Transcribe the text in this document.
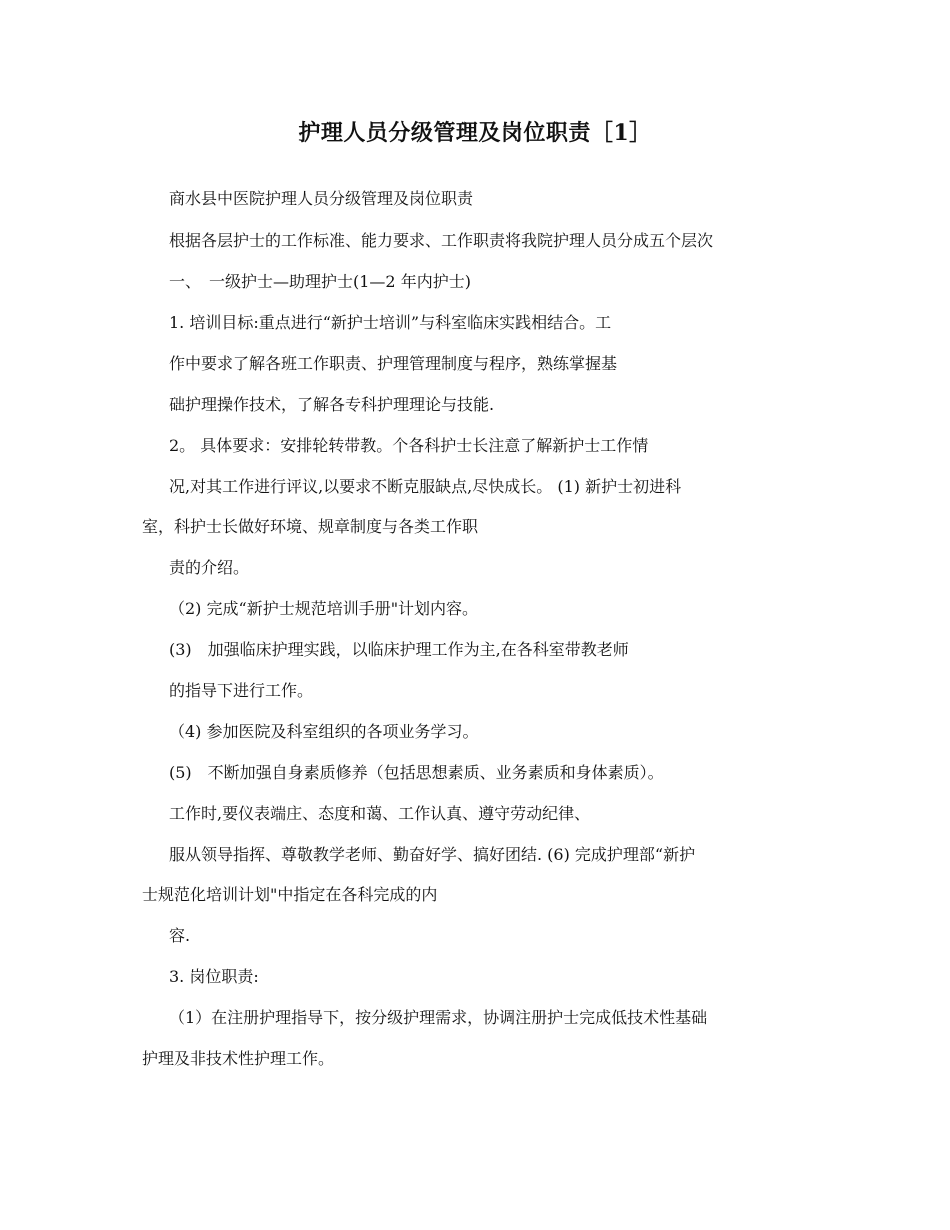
护理人员分级管理及岗位职责［1］
商水县中医院护理人员分级管理及岗位职责
根据各层护士的工作标准、能力要求、工作职责将我院护理人员分成五个层次
一、　一级护士—助理护士(1—2 年内护士)
1. 培训目标:重点进行“新护士培训”与科室临床实践相结合。工
作中要求了解各班工作职责、护理管理制度与程序，熟练掌握基
础护理操作技术，了解各专科护理理论与技能.
2。 具体要求：安排轮转带教。个各科护士长注意了解新护士工作情
况,对其工作进行评议,以要求不断克服缺点,尽快成长。 (1) 新护士初进科
室，科护士长做好环境、规章制度与各类工作职
责的介绍。
（2) 完成“新护士规范培训手册"计划内容。
(3)　加强临床护理实践，以临床护理工作为主,在各科室带教老师
的指导下进行工作。
（4) 参加医院及科室组织的各项业务学习。
(5)　不断加强自身素质修养（包括思想素质、业务素质和身体素质）。
工作时,要仪表端庄、态度和蔼、工作认真、遵守劳动纪律、
服从领导指挥、尊敬教学老师、勤奋好学、搞好团结. (6) 完成护理部“新护
士规范化培训计划"中指定在各科完成的内
容.
3. 岗位职责:
（1）在注册护理指导下，按分级护理需求，协调注册护士完成低技术性基础
护理及非技术性护理工作。
